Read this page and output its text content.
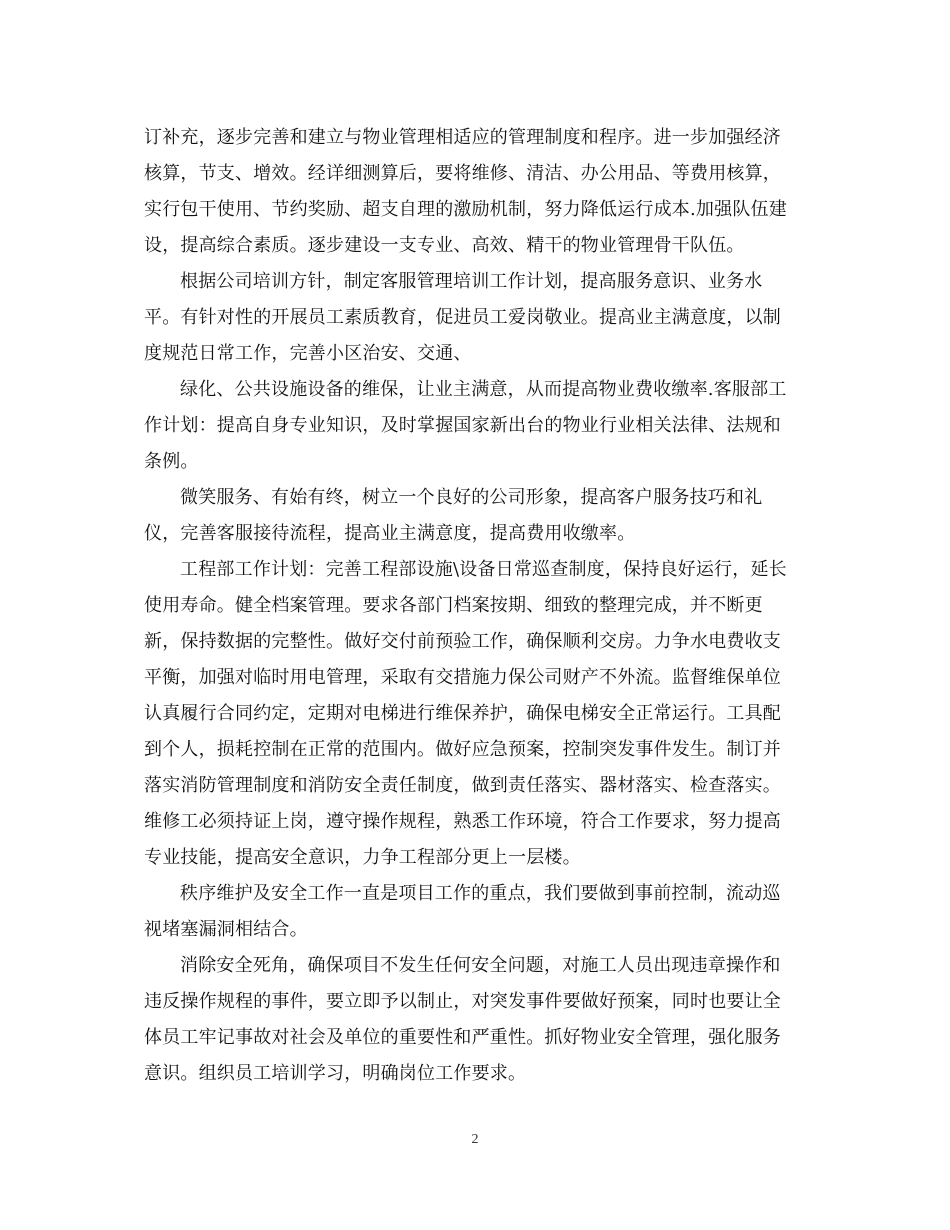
订补充，逐步完善和建立与物业管理相适应的管理制度和程序。进一步加强经济
核算，节支、增效。经详细测算后，要将维修、清洁、办公用品、等费用核算，
实行包干使用、节约奖励、超支自理的激励机制，努力降低运行成本.加强队伍建
设，提高综合素质。逐步建设一支专业、高效、精干的物业管理骨干队伍。
根据公司培训方针，制定客服管理培训工作计划，提高服务意识、业务水
平。有针对性的开展员工素质教育，促进员工爱岗敬业。提高业主满意度，以制
度规范日常工作，完善小区治安、交通、
绿化、公共设施设备的维保，让业主满意，从而提高物业费收缴率.客服部工
作计划：提高自身专业知识，及时掌握国家新出台的物业行业相关法律、法规和
条例。
微笑服务、有始有终，树立一个良好的公司形象，提高客户服务技巧和礼
仪，完善客服接待流程，提高业主满意度，提高费用收缴率。
工程部工作计划：完善工程部设施\设备日常巡查制度，保持良好运行，延长
使用寿命。健全档案管理。要求各部门档案按期、细致的整理完成，并不断更
新，保持数据的完整性。做好交付前预验工作，确保顺利交房。力争水电费收支
平衡，加强对临时用电管理，采取有交措施力保公司财产不外流。监督维保单位
认真履行合同约定，定期对电梯进行维保养护，确保电梯安全正常运行。工具配
到个人，损耗控制在正常的范围内。做好应急预案，控制突发事件发生。制订并
落实消防管理制度和消防安全责任制度，做到责任落实、器材落实、检查落实。
维修工必须持证上岗，遵守操作规程，熟悉工作环境，符合工作要求，努力提高
专业技能，提高安全意识，力争工程部分更上一层楼。
秩序维护及安全工作一直是项目工作的重点，我们要做到事前控制，流动巡
视堵塞漏洞相结合。
消除安全死角，确保项目不发生任何安全问题，对施工人员出现违章操作和
违反操作规程的事件，要立即予以制止，对突发事件要做好预案，同时也要让全
体员工牢记事故对社会及单位的重要性和严重性。抓好物业安全管理，强化服务
意识。组织员工培训学习，明确岗位工作要求。
2
